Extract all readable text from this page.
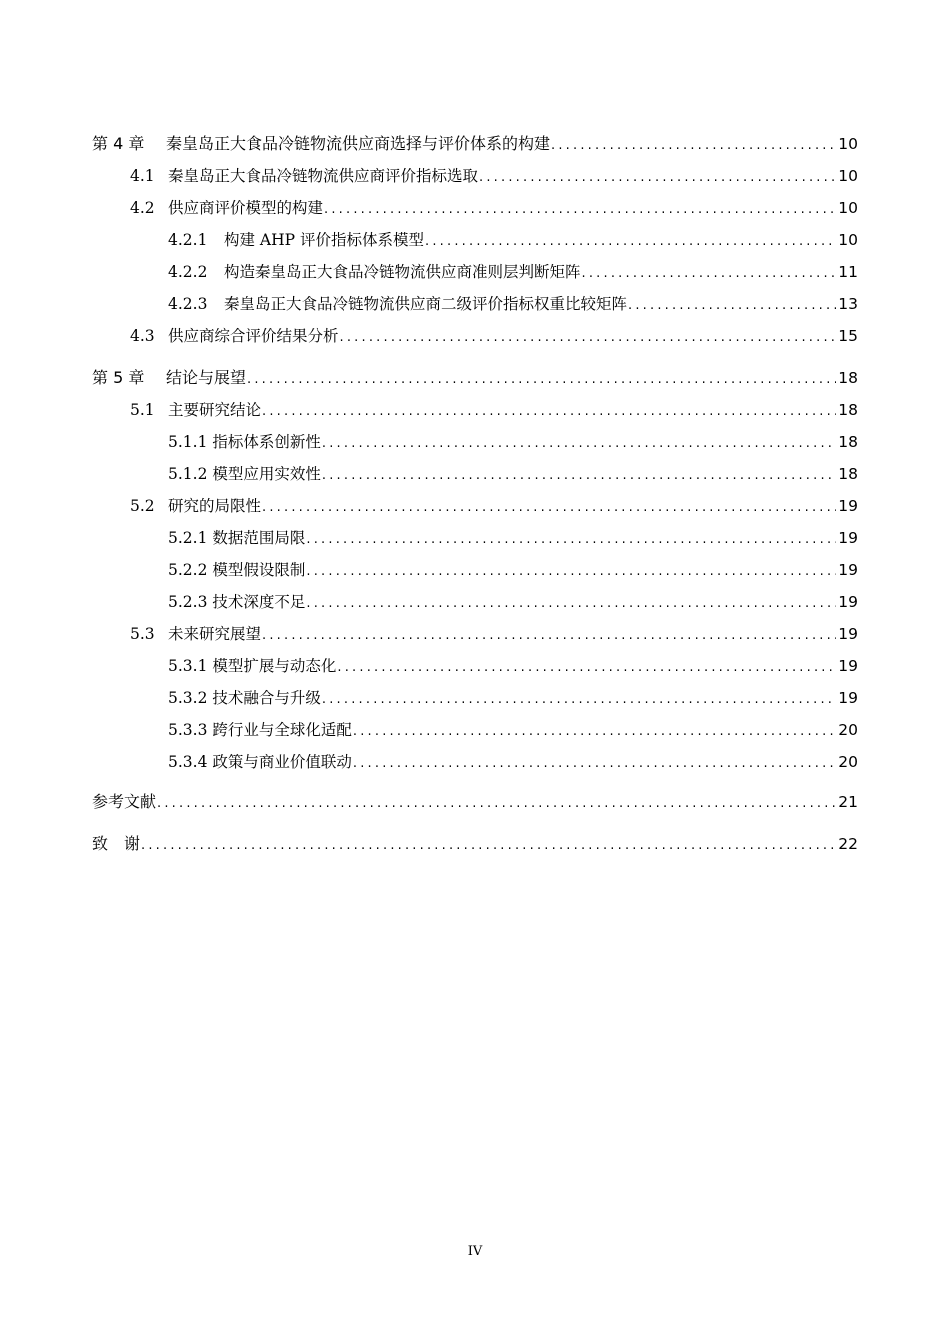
第 4 章	秦皇岛正大食品冷链物流供应商选择与评价体系的构建 .....	10
4.1 秦皇岛正大食品冷链物流供应商评价指标选取 .....	10
4.2 供应商评价模型的构建 .....	10
4.2.1	构建 AHP 评价指标体系模型 .....	10
4.2.2	构造秦皇岛正大食品冷链物流供应商准则层判断矩阵 .....	11
4.2.3	秦皇岛正大食品冷链物流供应商二级评价指标权重比较矩阵 .....	13
4.3 供应商综合评价结果分析 .....	15
第 5 章	结论与展望 .....	18
5.1 主要研究结论 .....	18
5.1.1 指标体系创新性 .....	18
5.1.2 模型应用实效性 .....	18
5.2 研究的局限性 .....	19
5.2.1 数据范围局限 .....	19
5.2.2 模型假设限制 .....	19
5.2.3 技术深度不足 .....	19
5.3 未来研究展望 .....	19
5.3.1 模型扩展与动态化 .....	19
5.3.2 技术融合与升级 .....	19
5.3.3 跨行业与全球化适配 .....	20
5.3.4 政策与商业价值联动 .....	20
参考文献 .....	21
致　谢 .....	22
IV
